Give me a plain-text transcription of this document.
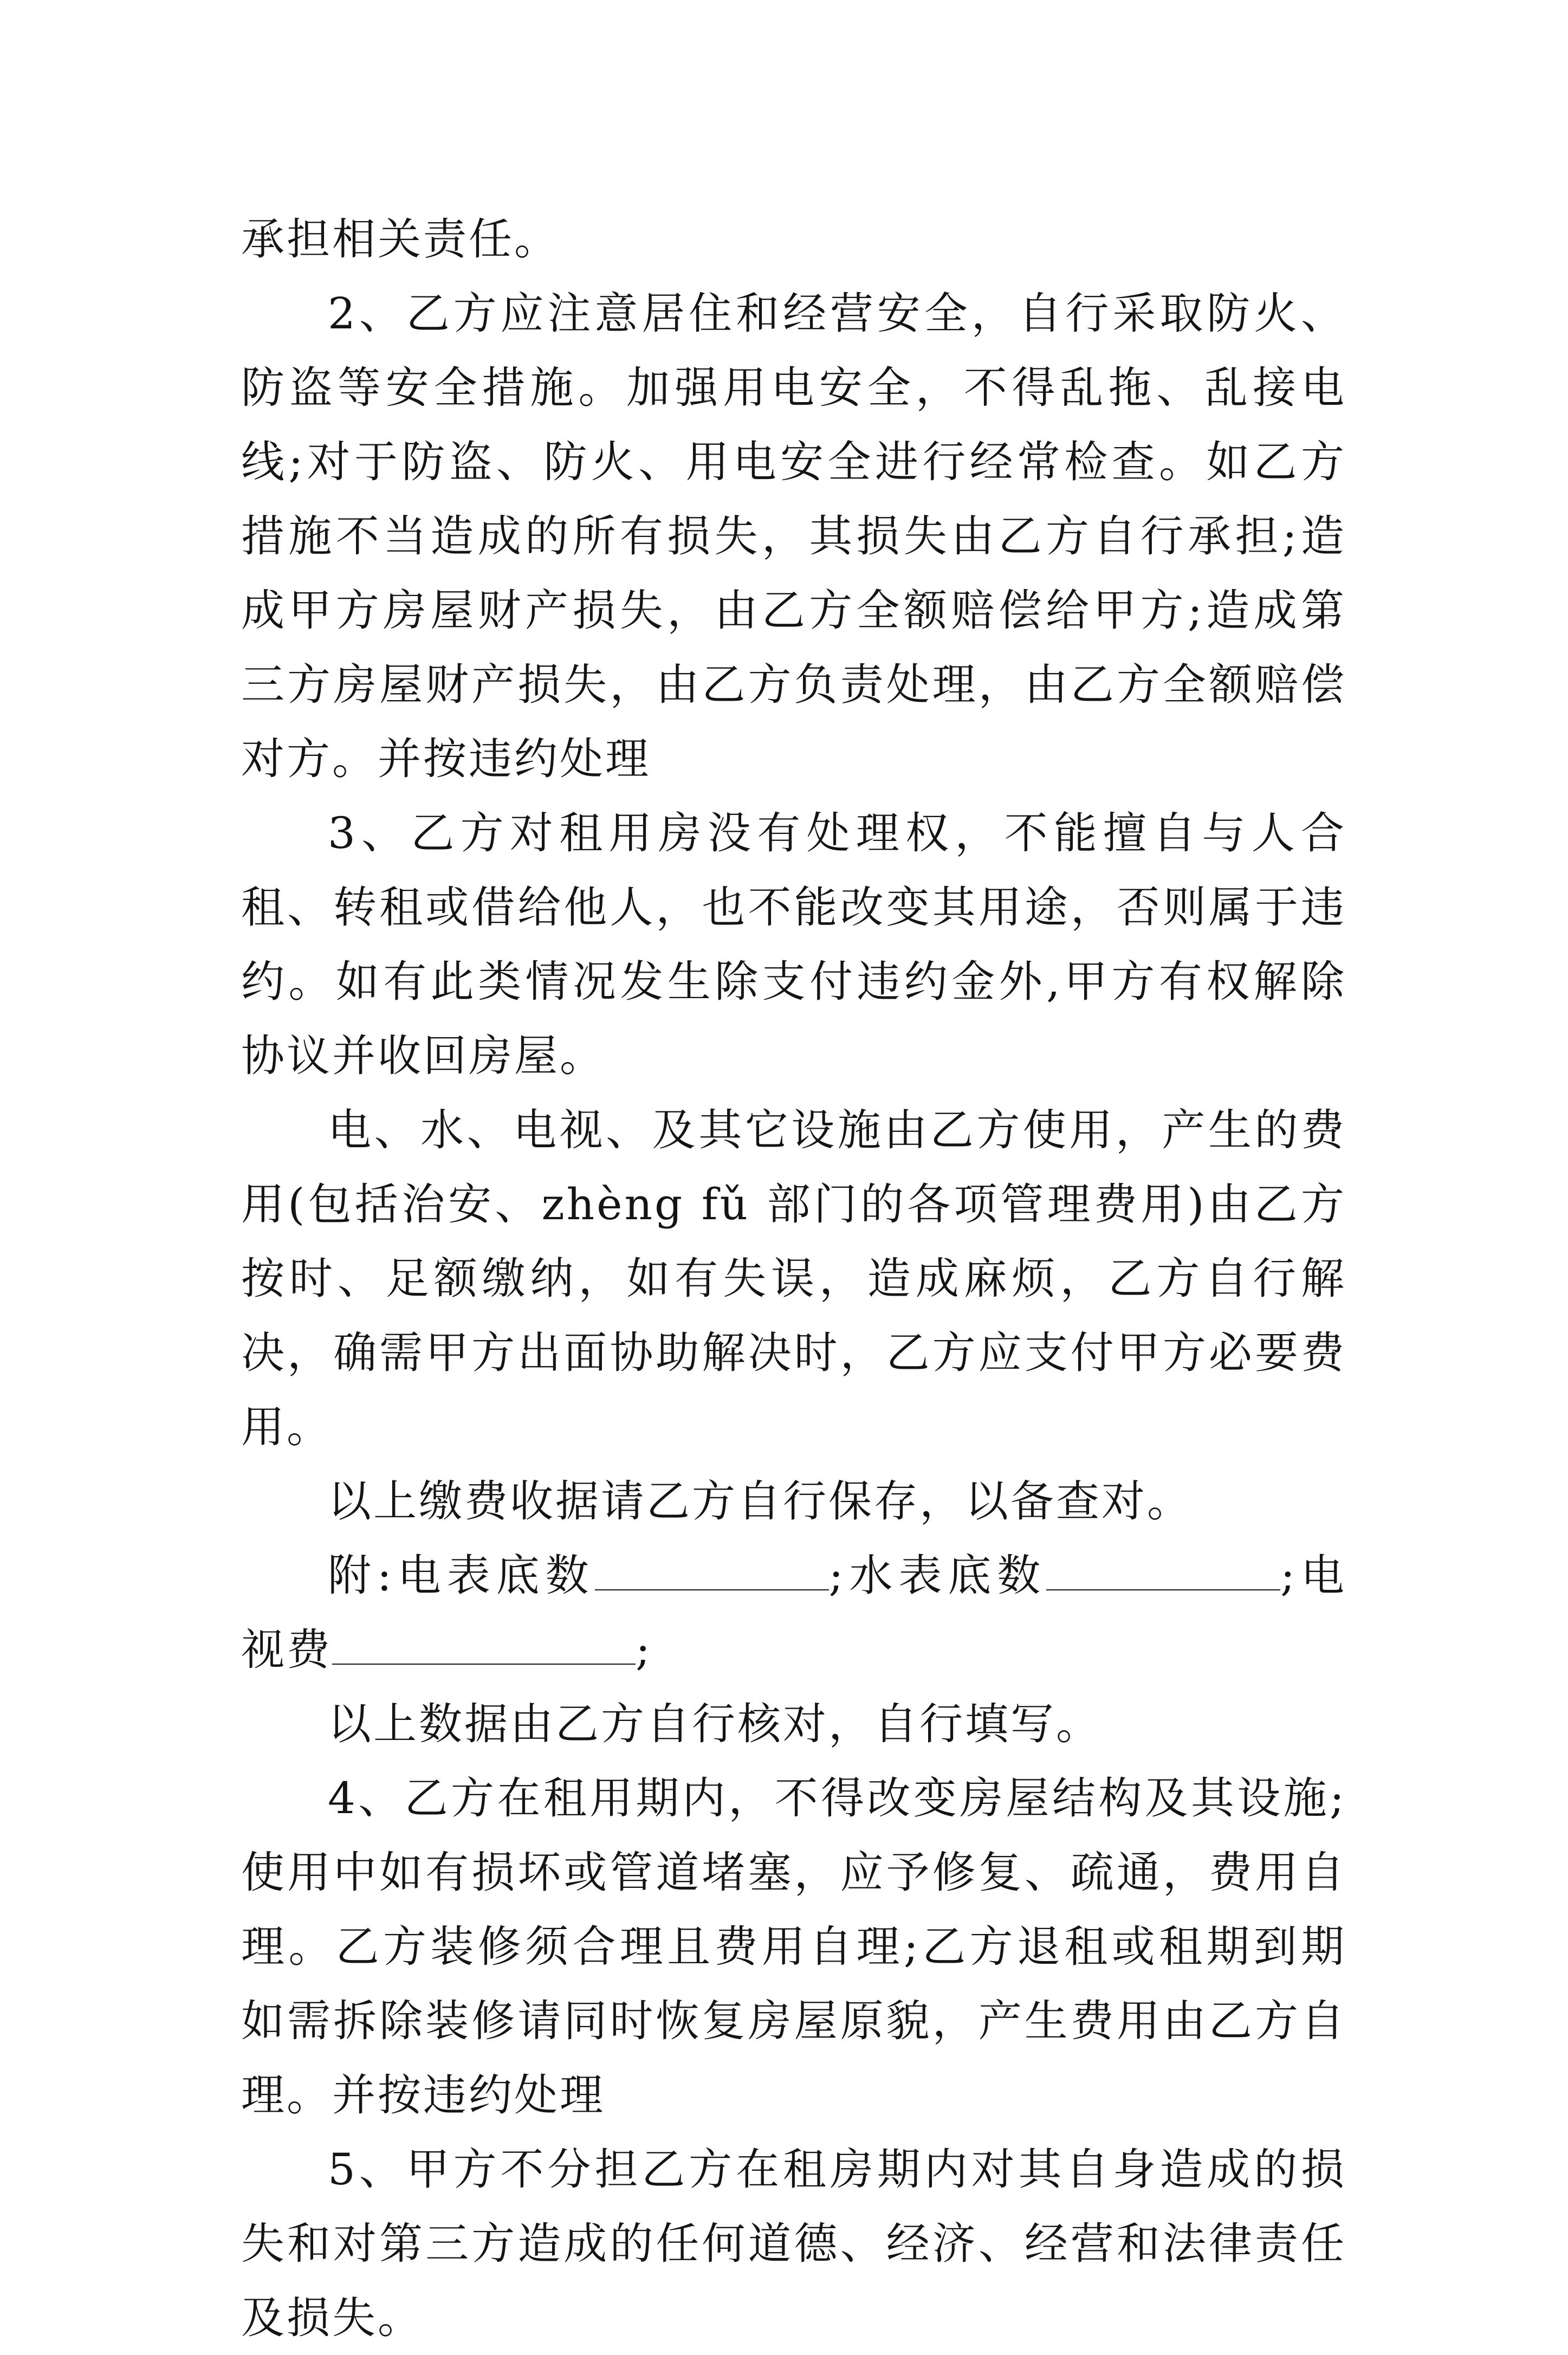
承担相关责任。

2、乙方应注意居住和经营安全，自行采取防火、防盗等安全措施。加强用电安全，不得乱拖、乱接电线;对于防盗、防火、用电安全进行经常检查。如乙方措施不当造成的所有损失，其损失由乙方自行承担;造成甲方房屋财产损失，由乙方全额赔偿给甲方;造成第三方房屋财产损失，由乙方负责处理，由乙方全额赔偿对方。并按违约处理

3、乙方对租用房没有处理权，不能擅自与人合租、转租或借给他人，也不能改变其用途，否则属于违约。如有此类情况发生除支付违约金外,甲方有权解除协议并收回房屋。

电、水、电视、及其它设施由乙方使用，产生的费用(包括治安、zhèng fǔ 部门的各项管理费用)由乙方按时、足额缴纳，如有失误，造成麻烦，乙方自行解决，确需甲方出面协助解决时，乙方应支付甲方必要费用。

以上缴费收据请乙方自行保存，以备查对。

附:电表底数	;水表底数	;电视费	;

以上数据由乙方自行核对，自行填写。

4、乙方在租用期内，不得改变房屋结构及其设施;使用中如有损坏或管道堵塞，应予修复、疏通，费用自理。乙方装修须合理且费用自理;乙方退租或租期到期如需拆除装修请同时恢复房屋原貌，产生费用由乙方自理。并按违约处理

5、甲方不分担乙方在租房期内对其自身造成的损失和对第三方造成的任何道德、经济、经营和法律责任及损失。
